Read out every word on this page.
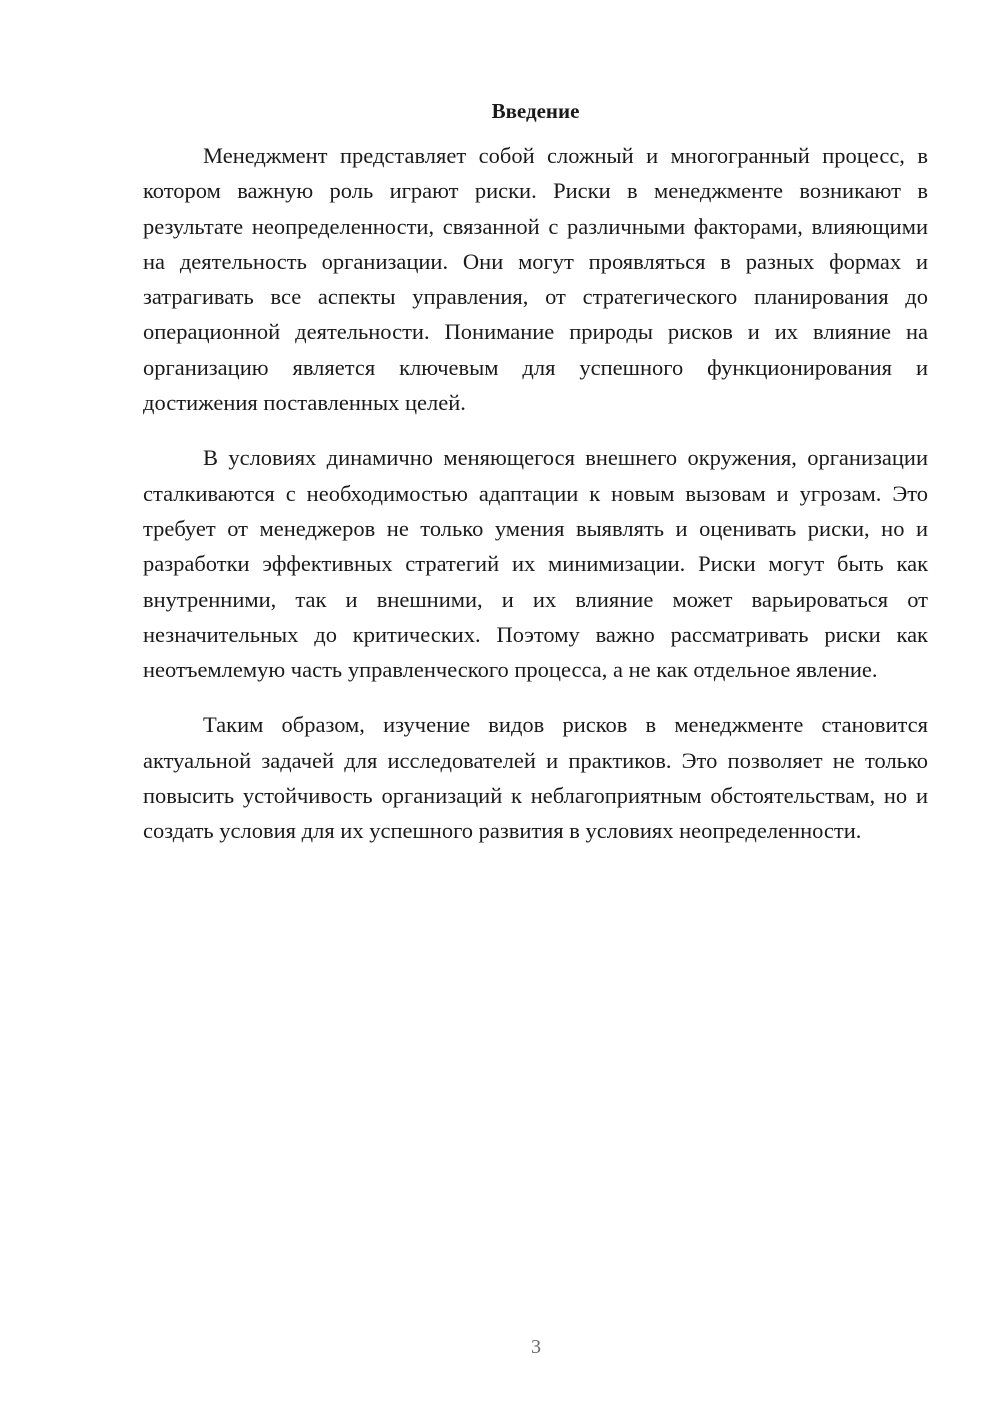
Введение

Менеджмент представляет собой сложный и многогранный процесс, в котором важную роль играют риски. Риски в менеджменте возникают в результате неопределенности, связанной с различными факторами, влияющими на деятельность организации. Они могут проявляться в разных формах и затрагивать все аспекты управления, от стратегического планирования до операционной деятельности. Понимание природы рисков и их влияние на организацию является ключевым для успешного функционирования и достижения поставленных целей.

В условиях динамично меняющегося внешнего окружения, организации сталкиваются с необходимостью адаптации к новым вызовам и угрозам. Это требует от менеджеров не только умения выявлять и оценивать риски, но и разработки эффективных стратегий их минимизации. Риски могут быть как внутренними, так и внешними, и их влияние может варьироваться от незначительных до критических. Поэтому важно рассматривать риски как неотъемлемую часть управленческого процесса, а не как отдельное явление.

Таким образом, изучение видов рисков в менеджменте становится актуальной задачей для исследователей и практиков. Это позволяет не только повысить устойчивость организаций к неблагоприятным обстоятельствам, но и создать условия для их успешного развития в условиях неопределенности.

3
